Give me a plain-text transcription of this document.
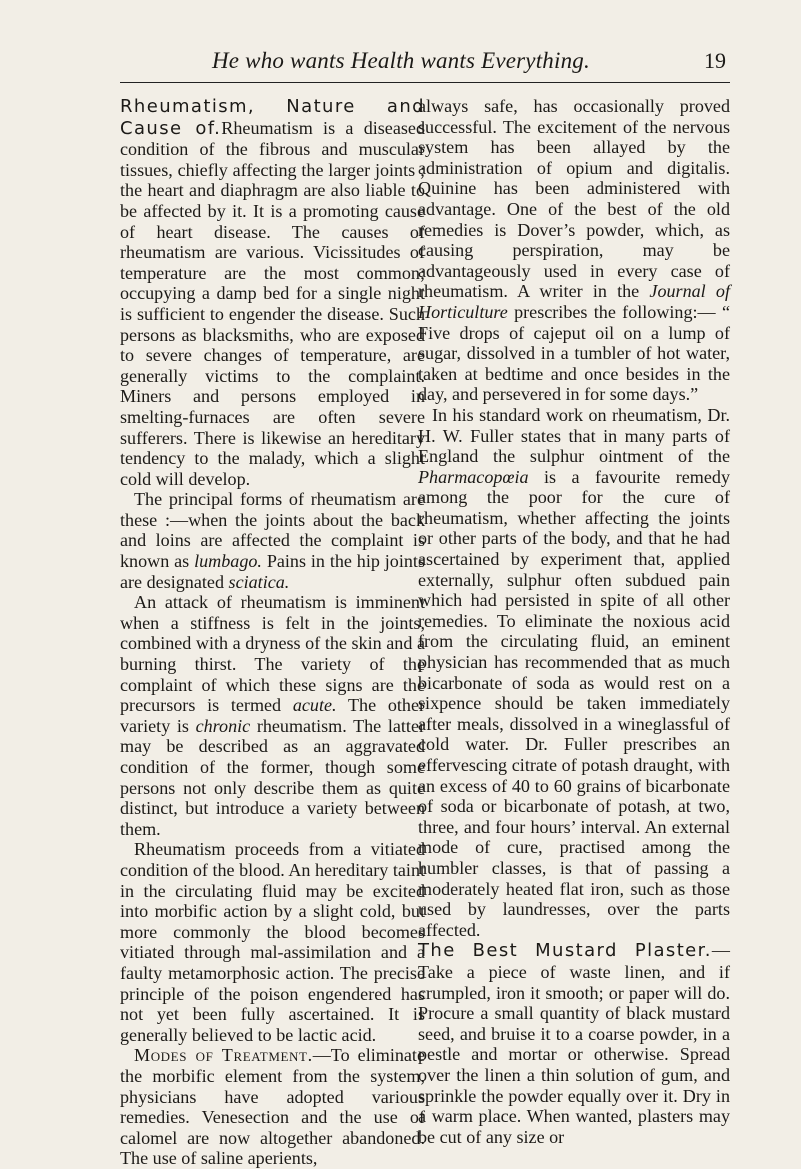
He who wants Health wants Everything.	19

Rheumatism, Nature and Cause of.Rheumatism is a diseased condition of the fibrous and muscular tissues, chiefly affecting the larger joints ; the heart and diaphragm are also liable to be affected by it. It is a promoting cause of heart disease. The causes of rheumatism are various. Vicissitudes of temperature are the most common; occupying a damp bed for a single night is sufficient to engender the disease. Such persons as blacksmiths, who are exposed to severe changes of temperature, are generally victims to the complaint. Miners and persons employed in smelting-furnaces are often severe sufferers. There is likewise an hereditary tendency to the malady, which a slight cold will develop.

The principal forms of rheumatism are these :—when the joints about the back and loins are affected the complaint is known as lumbago. Pains in the hip joints are designated sciatica.

An attack of rheumatism is imminent when a stiffness is felt in the joints, combined with a dryness of the skin and a burning thirst. The variety of the complaint of which these signs are the precursors is termed acute. The other variety is chronic rheumatism. The latter may be described as an aggravated condition of the former, though some persons not only describe them as quite distinct, but introduce a variety between them.

Rheumatism proceeds from a vitiated condition of the blood. An hereditary taint in the circulating fluid may be excited into morbific action by a slight cold, but more commonly the blood becomes vitiated through mal-assimilation and a faulty metamorphosic action. The precise principle of the poison engendered has not yet been fully ascertained. It is generally believed to be lactic acid.

Modes of Treatment.—To eliminate the morbific element from the system, physicians have adopted various remedies. Venesection and the use of calomel are now altogether abandoned. The use of saline aperients,

always safe, has occasionally proved successful. The excitement of the nervous system has been allayed by the administration of opium and digitalis. Quinine has been administered with advantage. One of the best of the old remedies is Dover’s powder, which, as causing perspiration, may be advantageously used in every case of rheumatism. A writer in the Journal of Horticulture prescribes the following:— “ Five drops of cajeput oil on a lump of sugar, dissolved in a tumbler of hot water, taken at bedtime and once besides in the day, and persevered in for some days.”

In his standard work on rheumatism, Dr. H. W. Fuller states that in many parts of England the sulphur ointment of the Pharmacopœia is a favourite remedy among the poor for the cure of rheumatism, whether affecting the joints or other parts of the body, and that he had ascertained by experiment that, applied externally, sulphur often subdued pain which had persisted in spite of all other remedies. To eliminate the noxious acid from the circulating fluid, an eminent physician has recommended that as much bicarbonate of soda as would rest on a sixpence should be taken immediately after meals, dissolved in a wineglassful of cold water. Dr. Fuller prescribes an effervescing citrate of potash draught, with an excess of 40 to 60 grains of bicarbonate of soda or bicarbonate of potash, at two, three, and four hours’ interval. An external mode of cure, practised among the humbler classes, is that of passing a moderately heated flat iron, such as those used by laundresses, over the parts affected.

The Best Mustard Plaster.—Take a piece of waste linen, and if crumpled, iron it smooth; or paper will do. Procure a small quantity of black mustard seed, and bruise it to a coarse powder, in a pestle and mortar or otherwise. Spread over the linen a thin solution of gum, and sprinkle the powder equally over it. Dry in a warm place. When wanted, plasters may be cut of any size or
